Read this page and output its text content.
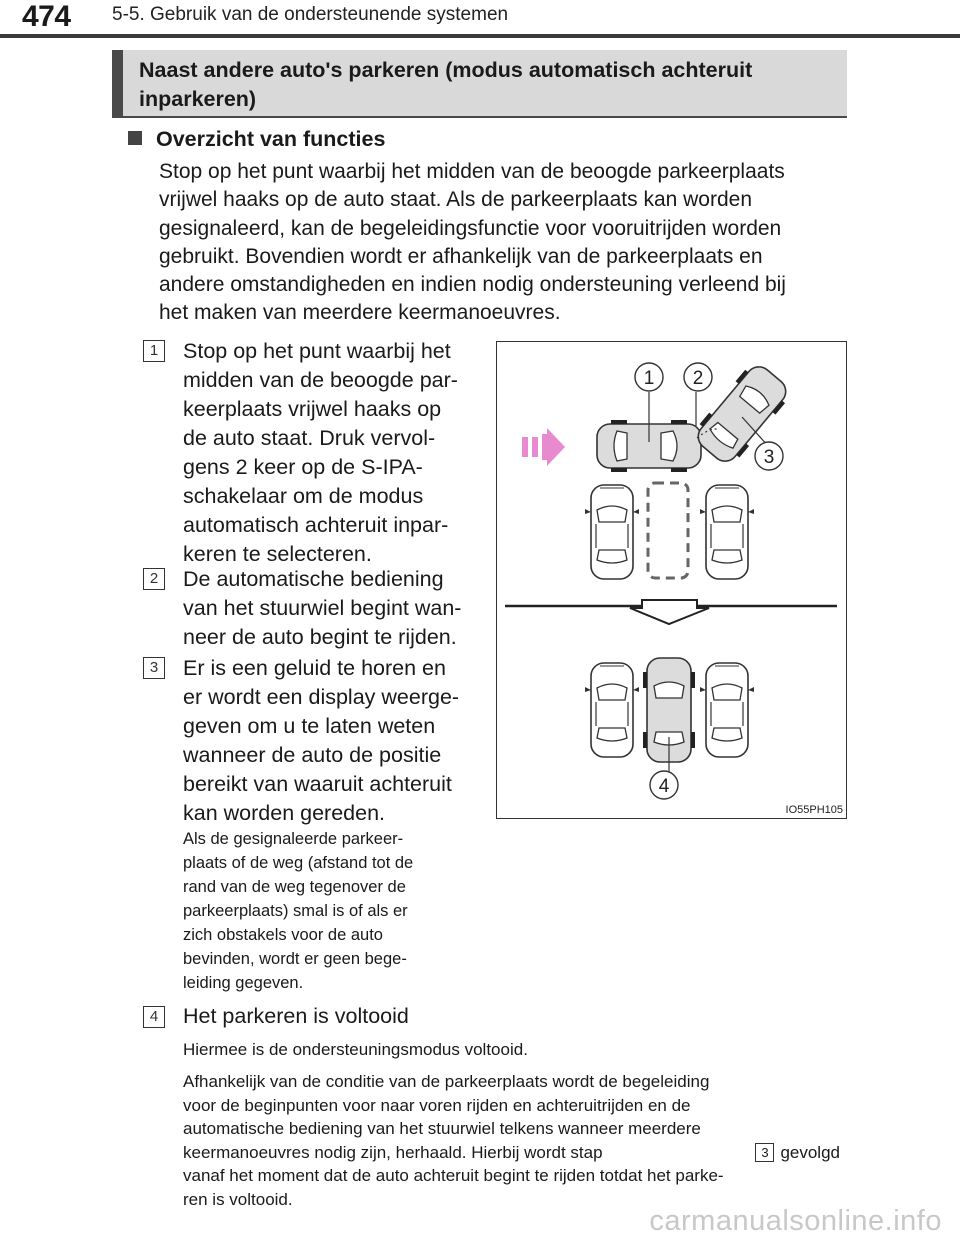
474 5-5. Gebruik van de ondersteunende systemen
Naast andere auto's parkeren (modus automatisch achteruit
inparkeren)
Overzicht van functies
Stop op het punt waarbij het midden van de beoogde parkeerplaats
vrijwel haaks op de auto staat. Als de parkeerplaats kan worden
gesignaleerd, kan de begeleidingsfunctie voor vooruitrijden worden
gebruikt. Bovendien wordt er afhankelijk van de parkeerplaats en
andere omstandigheden en indien nodig ondersteuning verleend bij
het maken van meerdere keermanoeuvres.
1	Stop op het punt waarbij het
midden van de beoogde par-
keerplaats vrijwel haaks op
de auto staat. Druk vervol-
gens 2 keer op de S-IPA-
schakelaar om de modus
automatisch achteruit inpar-
keren te selecteren.
2	De automatische bediening
van het stuurwiel begint wan-
neer de auto begint te rijden.
3	Er is een geluid te horen en
er wordt een display weerge-
geven om u te laten weten
wanneer de auto de positie
bereikt van waaruit achteruit
kan worden gereden.
Als de gesignaleerde parkeer-
plaats of de weg (afstand tot de
rand van de weg tegenover de
parkeerplaats) smal is of als er
zich obstakels voor de auto
bevinden, wordt er geen bege-
leiding gegeven.
4	Het parkeren is voltooid
Hiermee is de ondersteuningsmodus voltooid.
Afhankelijk van de conditie van de parkeerplaats wordt de begeleiding
voor de beginpunten voor naar voren rijden en achteruitrijden en de
automatische bediening van het stuurwiel telkens wanneer meerdere
keermanoeuvres nodig zijn, herhaald. Hierbij wordt stap	3 gevolgd
vanaf het moment dat de auto achteruit begint te rijden totdat het parke-
ren is voltooid.
1 2
3
4
IO55PH105
carmanualsonline.info
